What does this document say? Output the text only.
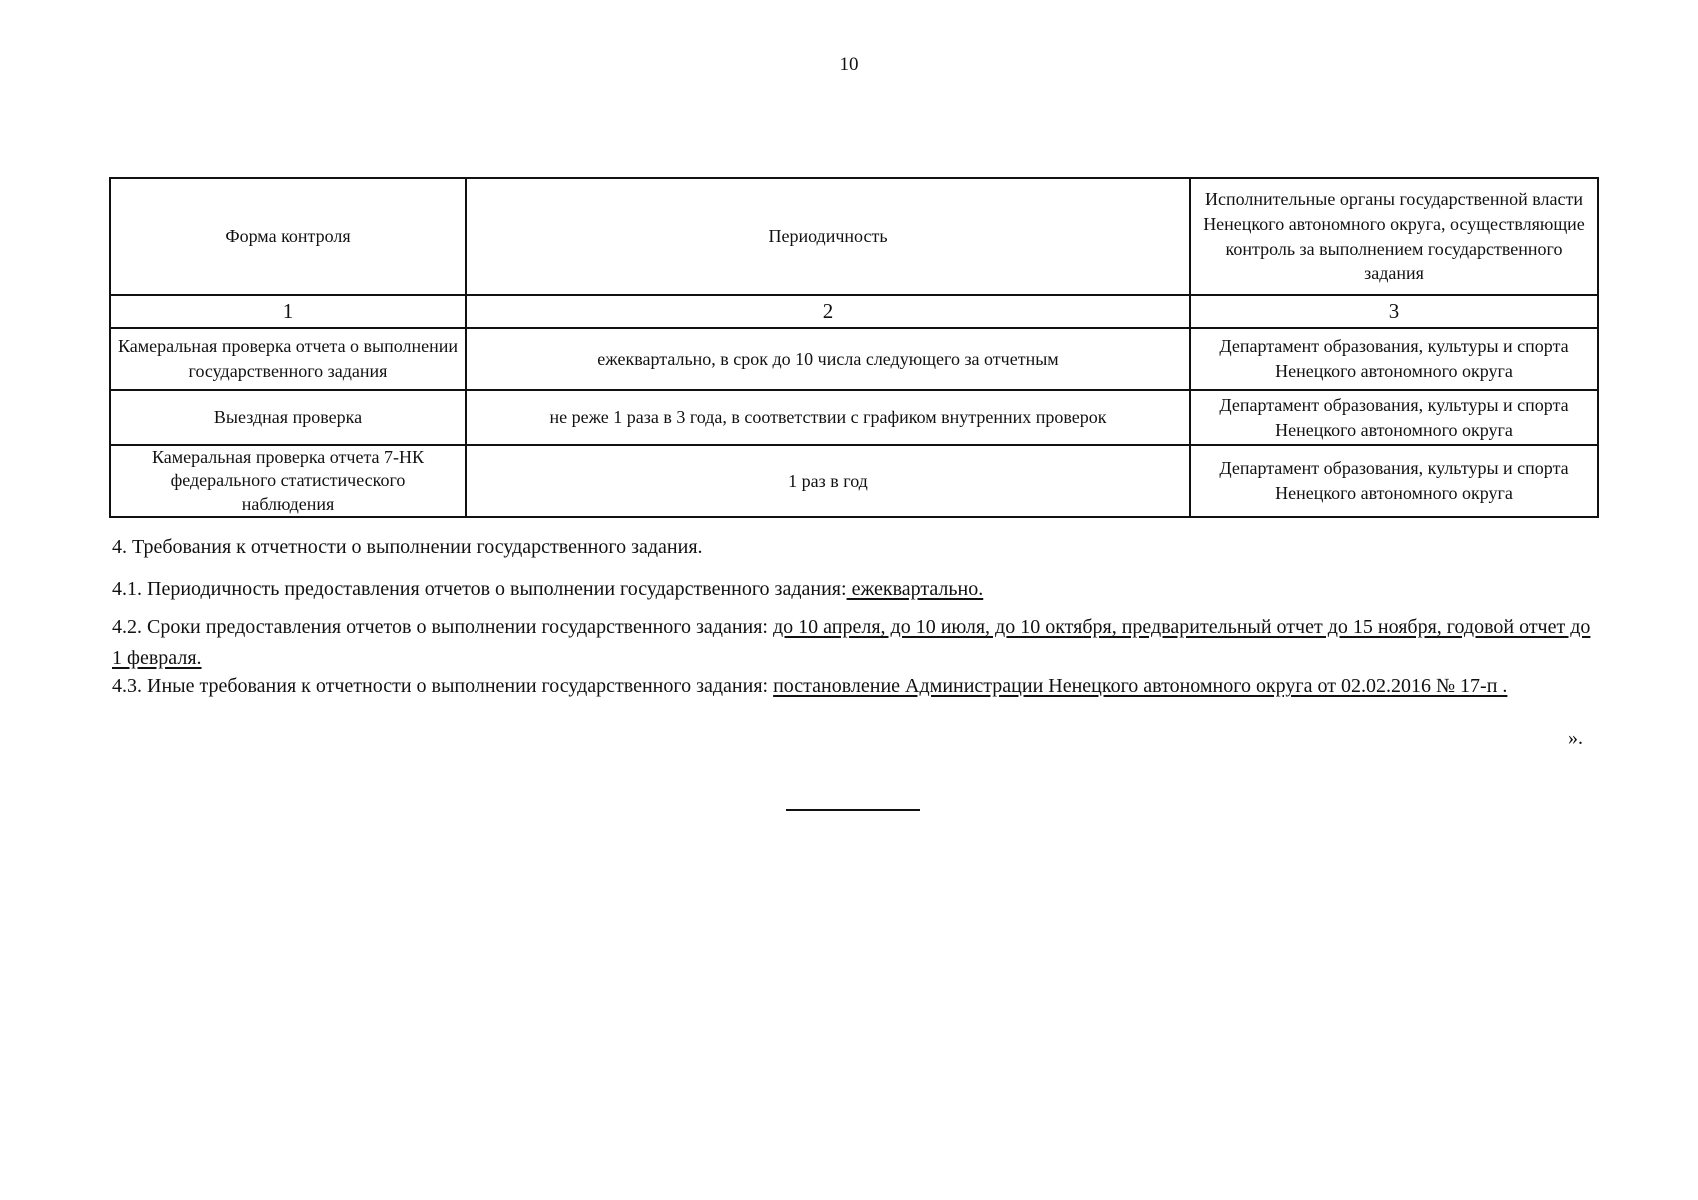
10
Форма контроля	Периодичность	Исполнительные органы государственной власти Ненецкого автономного округа, осуществляющие контроль за выполнением государственного задания
1	2	3
Камеральная проверка отчета о выполнении государственного задания	ежеквартально, в срок до 10 числа следующего за отчетным	Департамент образования, культуры и спорта Ненецкого автономного округа
Выездная проверка	не реже 1 раза в 3 года, в соответствии с графиком внутренних проверок	Департамент образования, культуры и спорта Ненецкого автономного округа
Камеральная проверка отчета 7-НК федерального статистического наблюдения	1 раз в год	Департамент образования, культуры и спорта Ненецкого автономного округа
4. Требования к отчетности о выполнении государственного задания.
4.1. Периодичность предоставления отчетов о выполнении государственного задания: ежеквартально.
4.2. Сроки предоставления отчетов о выполнении государственного задания: до 10 апреля, до 10 июля, до 10 октября, предварительный отчет до 15 ноября, годовой отчет до 1 февраля.
4.3. Иные требования к отчетности о выполнении государственного задания: постановление Администрации Ненецкого автономного округа от 02.02.2016 № 17-п .
».
